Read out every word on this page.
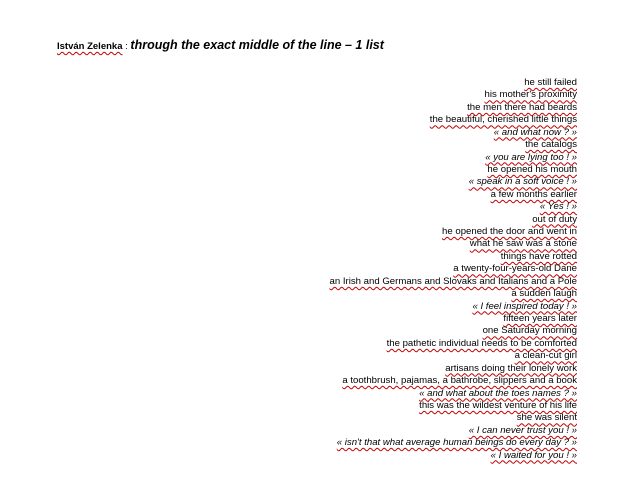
István Zelenka : through the exact middle of the line – 1 list
he still failed
his mother's proximity
the men there had beards
the beautiful, cherished little things
« and what now ? »
the catalogs
« you are lying too ! »
he opened his mouth
« speak in a soft voice ! »
a few months earlier
« Yes ! »
out of duty
he opened the door and went in
what he saw was a stone
things have rotted
a twenty-four-years-old Dane
an Irish and Germans and Slovaks and Italians and a Pole
a sudden laugh
« I feel inspired today ! »
fifteen years later
one Saturday morning
the pathetic individual needs to be comforted
a clean-cut girl
artisans doing their lonely work
a toothbrush, pajamas, a bathrobe, slippers and a book
« and what about the toes names ? »
this was the wildest venture of his life
she was silent
« I can never trust you ! »
« isn't that what average human beings do every day ? »
« I waited for you ! »
